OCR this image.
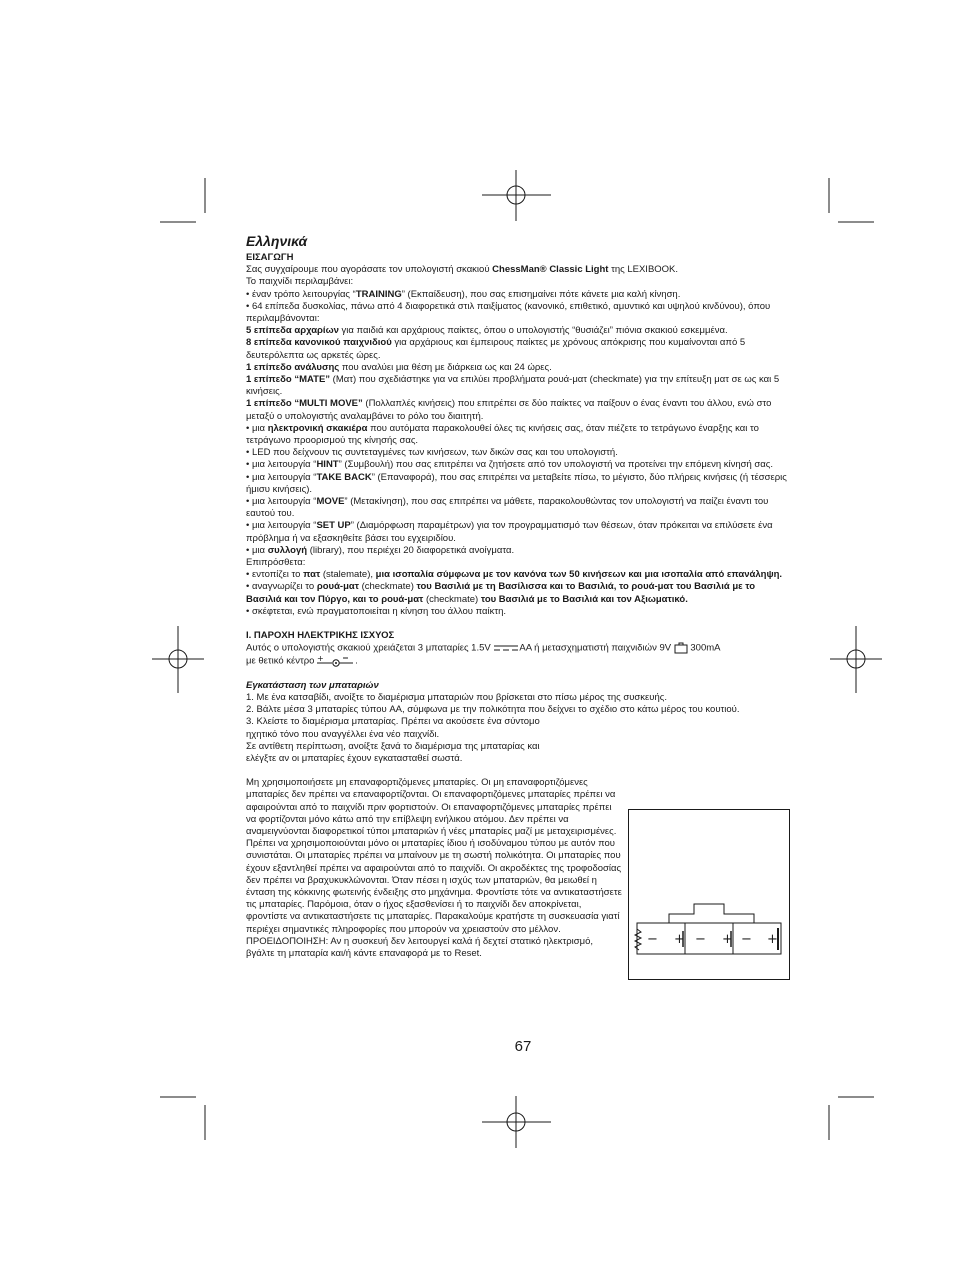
Ελληνικά

ΕΙΣΑΓΩΓΗ

Σας συγχαίρουμε που αγοράσατε τον υπολογιστή σκακιού ChessMan® Classic Light της LEXIBOOK.

Το παιχνίδι περιλαμβάνει:

• έναν τρόπο λειτουργίας “TRAINING” (Εκπαίδευση), που σας επισημαίνει πότε κάνετε μια καλή κίνηση.

• 64 επίπεδα δυσκολίας, πάνω από 4 διαφορετικά στιλ παιξίματος (κανονικό, επιθετικό, αμυντικό και υψηλού κινδύνου), όπου περιλαμβάνονται:

5 επίπεδα αρχαρίων για παιδιά και αρχάριους παίκτες, όπου ο υπολογιστής “θυσιάζει” πιόνια σκακιού εσκεμμένα.

8 επίπεδα κανονικού παιχνιδιού για αρχάριους και έμπειρους παίκτες με χρόνους απόκρισης που κυμαίνονται από 5 δευτερόλεπτα ως αρκετές ώρες.

1 επίπεδο ανάλυσης που αναλύει μια θέση με διάρκεια ως και 24 ώρες.

1 επίπεδο “MATE” (Ματ) που σχεδιάστηκε για να επιλύει προβλήματα ρουά-ματ (checkmate) για την επίτευξη ματ σε ως και 5 κινήσεις.

1 επίπεδο “MULTI MOVE” (Πολλαπλές κινήσεις) που επιτρέπει σε δύο παίκτες να παίξουν ο ένας έναντι του άλλου, ενώ στο μεταξύ ο υπολογιστής αναλαμβάνει το ρόλο του διαιτητή.

• μια ηλεκτρονική σκακιέρα που αυτόματα παρακολουθεί όλες τις κινήσεις σας, όταν πιέζετε το τετράγωνο έναρξης και το τετράγωνο προορισμού της κίνησής σας.

• LED που δείχνουν τις συντεταγμένες των κινήσεων, των δικών σας και του υπολογιστή.

• μια λειτουργία “HINT” (Συμβουλή) που σας επιτρέπει να ζητήσετε από τον υπολογιστή να προτείνει την επόμενη κίνησή σας.

• μια λειτουργία “TAKE BACK” (Επαναφορά), που σας επιτρέπει να μεταβείτε πίσω, το μέγιστο, δύο πλήρεις κινήσεις (ή τέσσερις ήμισυ κινήσεις).

• μια λειτουργία “MOVE” (Μετακίνηση), που σας επιτρέπει να μάθετε, παρακολουθώντας τον υπολογιστή να παίζει έναντι του εαυτού του.

• μια λειτουργία “SET UP” (Διαμόρφωση παραμέτρων) για τον προγραμματισμό των θέσεων, όταν πρόκειται να επιλύσετε ένα πρόβλημα ή να εξασκηθείτε βάσει του εγχειριδίου.

• μια συλλογή (library), που περιέχει 20 διαφορετικά ανοίγματα.

Επιπρόσθετα:

• εντοπίζει το πατ (stalemate), μια ισοπαλία σύμφωνα με τον κανόνα των 50 κινήσεων και μια ισοπαλία από επανάληψη.

• αναγνωρίζει το ρουά-ματ (checkmate) του Βασιλιά με τη Βασίλισσα και το Βασιλιά, το ρουά-ματ του Βασιλιά με το Βασιλιά και τον Πύργο, και το ρουά-ματ (checkmate) του Βασιλιά με το Βασιλιά και τον Αξιωματικό.

• σκέφτεται, ενώ πραγματοποιείται η κίνηση του άλλου παίκτη.

I. ΠΑΡΟΧΗ ΗΛΕΚΤΡΙΚΗΣ ΙΣΧΥΟΣ

Αυτός ο υπολογιστής σκακιού χρειάζεται 3 μπαταρίες 1.5V	AA ή μετασχηματιστή παιχνιδιών 9V 300mA

με θετικό κέντρο +	.

Εγκατάσταση των μπαταριών

1. Με ένα κατσαβίδι, ανοίξτε το διαμέρισμα μπαταριών που βρίσκεται στο πίσω μέρος της συσκευής.

2. Βάλτε μέσα 3 μπαταρίες τύπου AA, σύμφωνα με την πολικότητα που δείχνει το σχέδιο στο κάτω μέρος του κουτιού.

3. Κλείστε το διαμέρισμα μπαταρίας. Πρέπει να ακούσετε ένα σύντομο ηχητικό τόνο που αναγγέλλει ένα νέο παιχνίδι.

Σε αντίθετη περίπτωση, ανοίξτε ξανά το διαμέρισμα της μπαταρίας και ελέγξτε αν οι μπαταρίες έχουν εγκατασταθεί σωστά.

Μη χρησιμοποιήσετε μη επαναφορτιζόμενες μπαταρίες. Οι μη επαναφορτιζόμενες μπαταρίες δεν πρέπει να επαναφορτίζονται. Οι επαναφορτιζόμενες μπαταρίες πρέπει να αφαιρούνται από το παιχνίδι πριν φορτιστούν. Οι επαναφορτιζόμενες μπαταρίες πρέπει να φορτίζονται μόνο κάτω από την επίβλεψη ενήλικου ατόμου. Δεν πρέπει να αναμειγνύονται διαφορετικοί τύποι μπαταριών ή νέες μπαταρίες μαζί με μεταχειρισμένες. Πρέπει να χρησιμοποιούνται μόνο οι μπαταρίες ίδιου ή ισοδύναμου τύπου με αυτόν που συνιστάται. Οι μπαταρίες πρέπει να μπαίνουν με τη σωστή πολικότητα. Οι μπαταρίες που έχουν εξαντληθεί πρέπει να αφαιρούνται από το παιχνίδι. Οι ακροδέκτες της τροφοδοσίας δεν πρέπει να βραχυκυκλώνονται. Όταν πέσει η ισχύς των μπαταριών, θα μειωθεί η ένταση της κόκκινης φωτεινής ένδειξης στο μηχάνημα. Φροντίστε τότε να αντικαταστήσετε τις μπαταρίες. Παρόμοια, όταν ο ήχος εξασθενίσει ή το παιχνίδι δεν αποκρίνεται, φροντίστε να αντικαταστήσετε τις μπαταρίες. Παρακαλούμε κρατήστε τη συσκευασία γιατί περιέχει σημαντικές πληροφορίες που μπορούν να χρειαστούν στο μέλλον. ΠΡΟΕΙΔΟΠΟΙΗΣΗ: Αν η συσκευή δεν λειτουργεί καλά ή δεχτεί στατικό ηλεκτρισμό, βγάλτε τη μπαταρία και/ή κάντε επαναφορά με το Reset.

− + − + − +
67
